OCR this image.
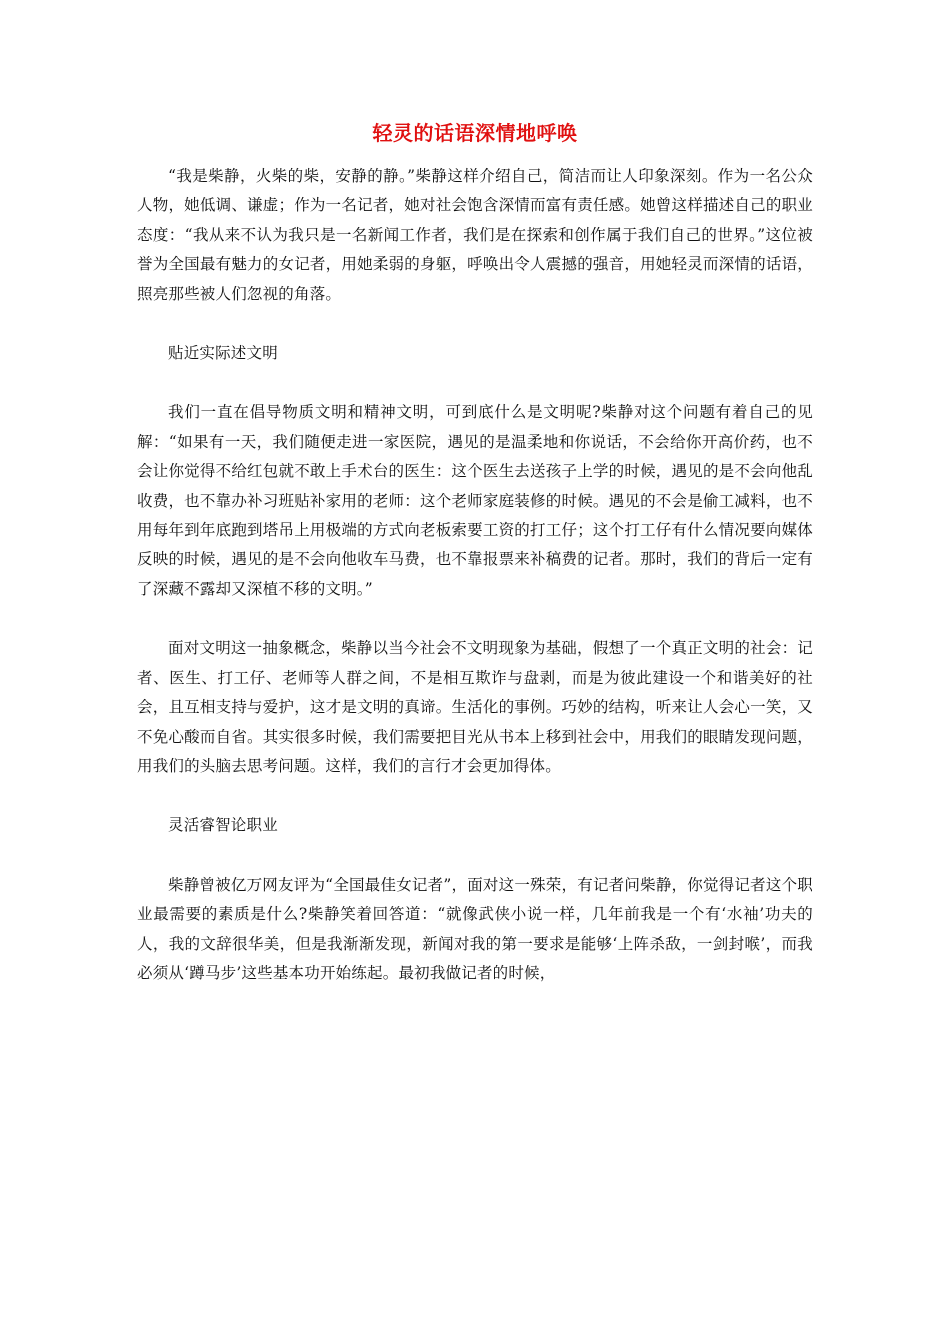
轻灵的话语深情地呼唤

“我是柴静，火柴的柴，安静的静。”柴静这样介绍自己，简洁而让人印象深刻。作为一名公众人物，她低调、谦虚；作为一名记者，她对社会饱含深情而富有责任感。她曾这样描述自己的职业态度：“我从来不认为我只是一名新闻工作者，我们是在探索和创作属于我们自己的世界。”这位被誉为全国最有魅力的女记者，用她柔弱的身躯，呼唤出令人震撼的强音，用她轻灵而深情的话语，照亮那些被人们忽视的角落。

贴近实际述文明

我们一直在倡导物质文明和精神文明，可到底什么是文明呢?柴静对这个问题有着自己的见解：“如果有一天，我们随便走进一家医院，遇见的是温柔地和你说话，不会给你开高价药，也不会让你觉得不给红包就不敢上手术台的医生：这个医生去送孩子上学的时候，遇见的是不会向他乱收费，也不靠办补习班贴补家用的老师：这个老师家庭装修的时候。遇见的不会是偷工减料，也不用每年到年底跑到塔吊上用极端的方式向老板索要工资的打工仔；这个打工仔有什么情况要向媒体反映的时候，遇见的是不会向他收车马费，也不靠报票来补稿费的记者。那时，我们的背后一定有了深藏不露却又深植不移的文明。”

面对文明这一抽象概念，柴静以当今社会不文明现象为基础，假想了一个真正文明的社会：记者、医生、打工仔、老师等人群之间，不是相互欺诈与盘剥，而是为彼此建设一个和谐美好的社会，且互相支持与爱护，这才是文明的真谛。生活化的事例。巧妙的结构，听来让人会心一笑，又不免心酸而自省。其实很多时候，我们需要把目光从书本上移到社会中，用我们的眼睛发现问题，用我们的头脑去思考问题。这样，我们的言行才会更加得体。

灵活睿智论职业

柴静曾被亿万网友评为“全国最佳女记者”，面对这一殊荣，有记者问柴静，你觉得记者这个职业最需要的素质是什么?柴静笑着回答道：“就像武侠小说一样，几年前我是一个有‘水袖’功夫的人，我的文辞很华美，但是我渐渐发现，新闻对我的第一要求是能够‘上阵杀敌，一剑封喉’，而我必须从‘蹲马步’这些基本功开始练起。最初我做记者的时候，
